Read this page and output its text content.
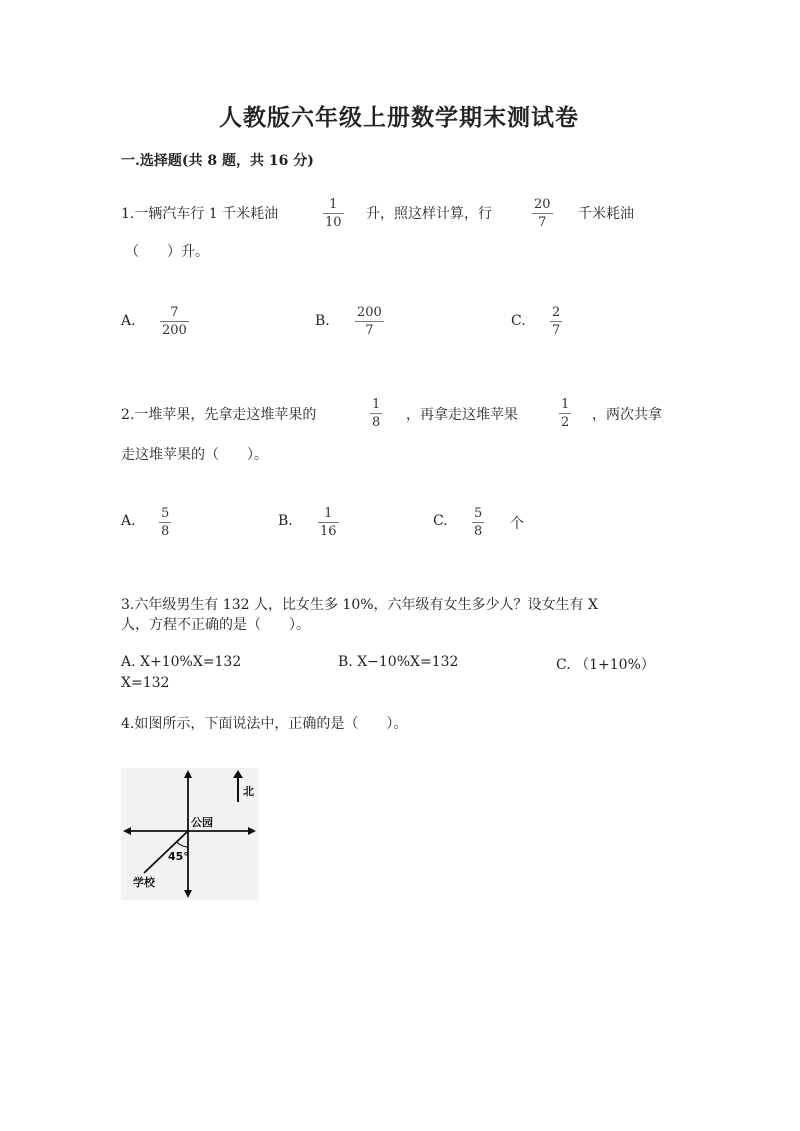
人教版六年级上册数学期末测试卷
一.选择题(共 8 题，共 16 分)
1.一辆汽车行 1 千米耗油
1
10
升，照这样计算，行
20
7
千米耗油
（　　）升。
A.
7
200
B.
200
7
C.
2
7
2.一堆苹果，先拿走这堆苹果的
1
8 ，再拿走这堆苹果
1
2 ，两次共拿
走这堆苹果的（　　）。
A. 5
8
B. 1
16
C. 5
8 个
3.六年级男生有 132 人，比女生多 10%，六年级有女生多少人？设女生有 X
人，方程不正确的是（　　）。
A. X+10%X=132	B. X−10%X=132	C. （1+10%）
X=132
4.如图所示，下面说法中，正确的是（　　）。
北
公园
45°
学校
